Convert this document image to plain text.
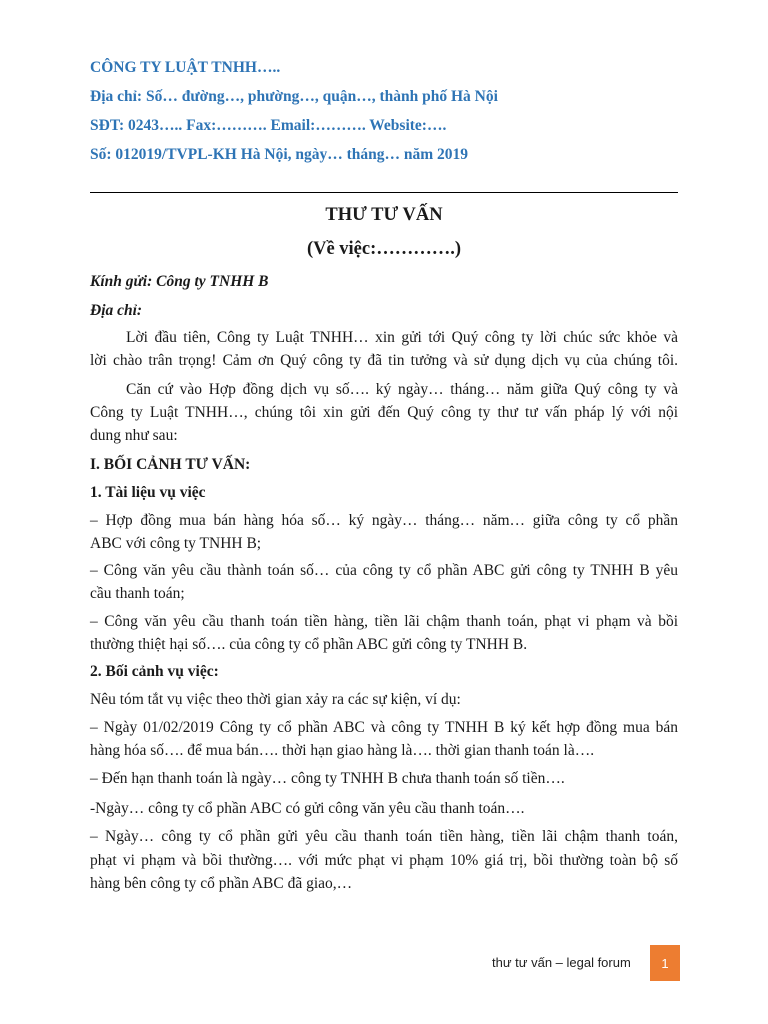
CÔNG TY LUẬT TNHH…..
Địa chỉ: Số… đường…, phường…, quận…, thành phố Hà Nội
SĐT: 0243….. Fax:………. Email:………. Website:….
Số: 012019/TVPL-KH Hà Nội, ngày… tháng… năm 2019
THƯ TƯ VẤN
(Về việc:………….)
Kính gửi: Công ty TNHH B
Địa chỉ:
Lời đầu tiên, Công ty Luật TNHH… xin gửi tới Quý công ty lời chúc sức khỏe và
lời chào trân trọng! Cảm ơn Quý công ty đã tin tưởng và sử dụng dịch vụ của chúng tôi.
Căn cứ vào Hợp đồng dịch vụ số…. ký ngày… tháng… năm giữa Quý công ty và
Công ty Luật TNHH…, chúng tôi xin gửi đến Quý công ty thư tư vấn pháp lý với nội
dung như sau:
I. BỐI CẢNH TƯ VẤN:
1. Tài liệu vụ việc
– Hợp đồng mua bán hàng hóa số… ký ngày… tháng… năm… giữa công ty cổ phần
ABC với công ty TNHH B;
– Công văn yêu cầu thành toán số… của công ty cổ phần ABC gửi công ty TNHH B yêu
cầu thanh toán;
– Công văn yêu cầu thanh toán tiền hàng, tiền lãi chậm thanh toán, phạt vi phạm và bồi
thường thiệt hại số…. của công ty cổ phần ABC gửi công ty TNHH B.
2. Bối cảnh vụ việc:
Nêu tóm tắt vụ việc theo thời gian xảy ra các sự kiện, ví dụ:
– Ngày 01/02/2019 Công ty cổ phần ABC và công ty TNHH B ký kết hợp đồng mua bán
hàng hóa số…. để mua bán…. thời hạn giao hàng là…. thời gian thanh toán là….
– Đến hạn thanh toán là ngày… công ty TNHH B chưa thanh toán số tiền….
-Ngày… công ty cổ phần ABC có gửi công văn yêu cầu thanh toán….
– Ngày… công ty cổ phần gửi yêu cầu thanh toán tiền hàng, tiền lãi chậm thanh toán,
phạt vi phạm và bồi thường…. với mức phạt vi phạm 10% giá trị, bồi thường toàn bộ số
hàng bên công ty cổ phần ABC đã giao,…
thư tư vấn – legal forum 1
